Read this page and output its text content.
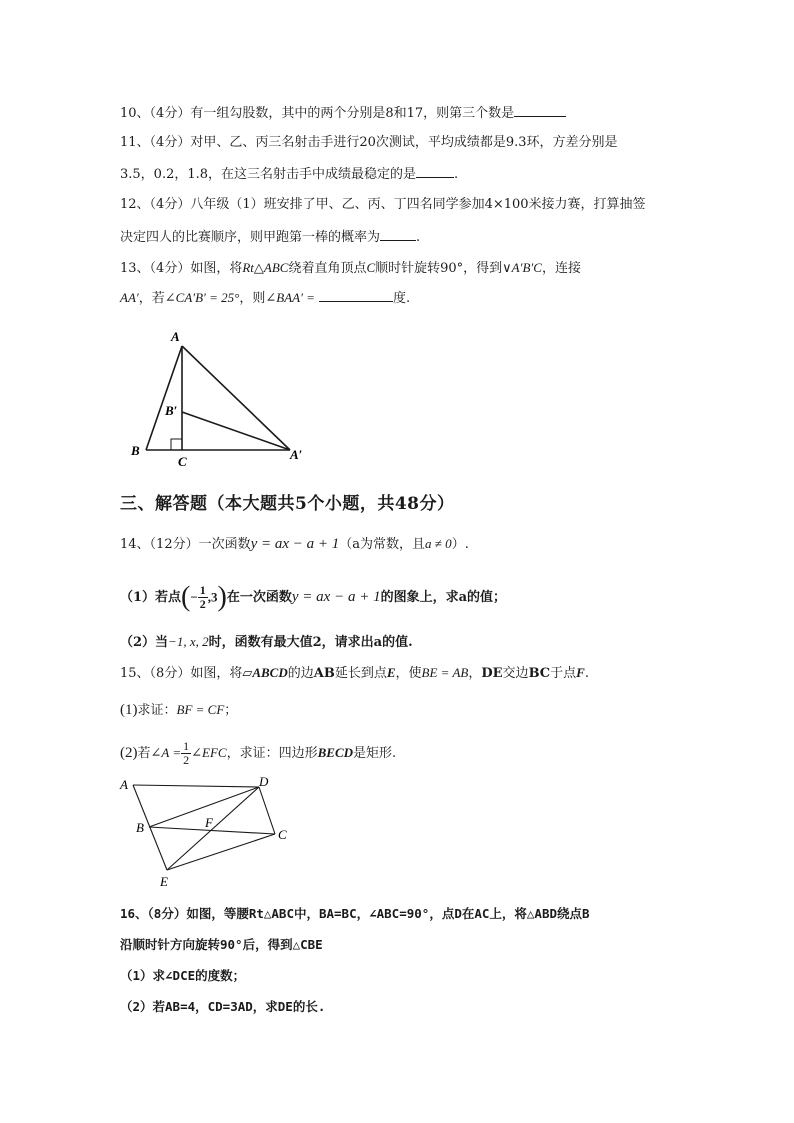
10、（4分）有一组勾股数，其中的两个分别是8和17，则第三个数是
11、（4分）对甲、乙、丙三名射击手进行20次测试，平均成绩都是9.3环，方差分别是
3.5，0.2，1.8，在这三名射击手中成绩最稳定的是	.
12、（4分）八年级（1）班安排了甲、乙、丙、丁四名同学参加4×100米接力赛，打算抽签
决定四人的比赛顺序，则甲跑第一棒的概率为	.
13、（4分）如图，将Rt△ABC绕着直角顶点C顺时针旋转90°，得到∨A′B′C，连接
AA′，若∠CA′B′ = 25°，则∠BAA′ =	度.
A
B
C
B′
A′
三、解答题（本大题共5个小题，共48分）
14、（12分）一次函数y = ax − a + 1（a为常数，且a ≠ 0）.
（1）若点(− $\frac{1}{2} ,3$)在一次函数y = ax − a + 1的图象上，求a的值；
（2）当−1, x, 2时，函数有最大值2，请求出a的值.
15、（8分）如图，将▱ABCD的边AB延长到点E，使BE = AB，DE交边BC于点F.
(1)求证：BF = CF；
(2)若∠A = $\frac{1}{2}$ ∠EFC，求证：四边形BECD是矩形.
A	D
B	F
C
E
16、（8分）如图，等腰Rt△ABC中，BA=BC，∠ABC=90°，点D在AC上，将△ABD绕点B
沿顺时针方向旋转90°后，得到△CBE
（1）求∠DCE的度数；
（2）若AB=4，CD=3AD，求DE的长.
